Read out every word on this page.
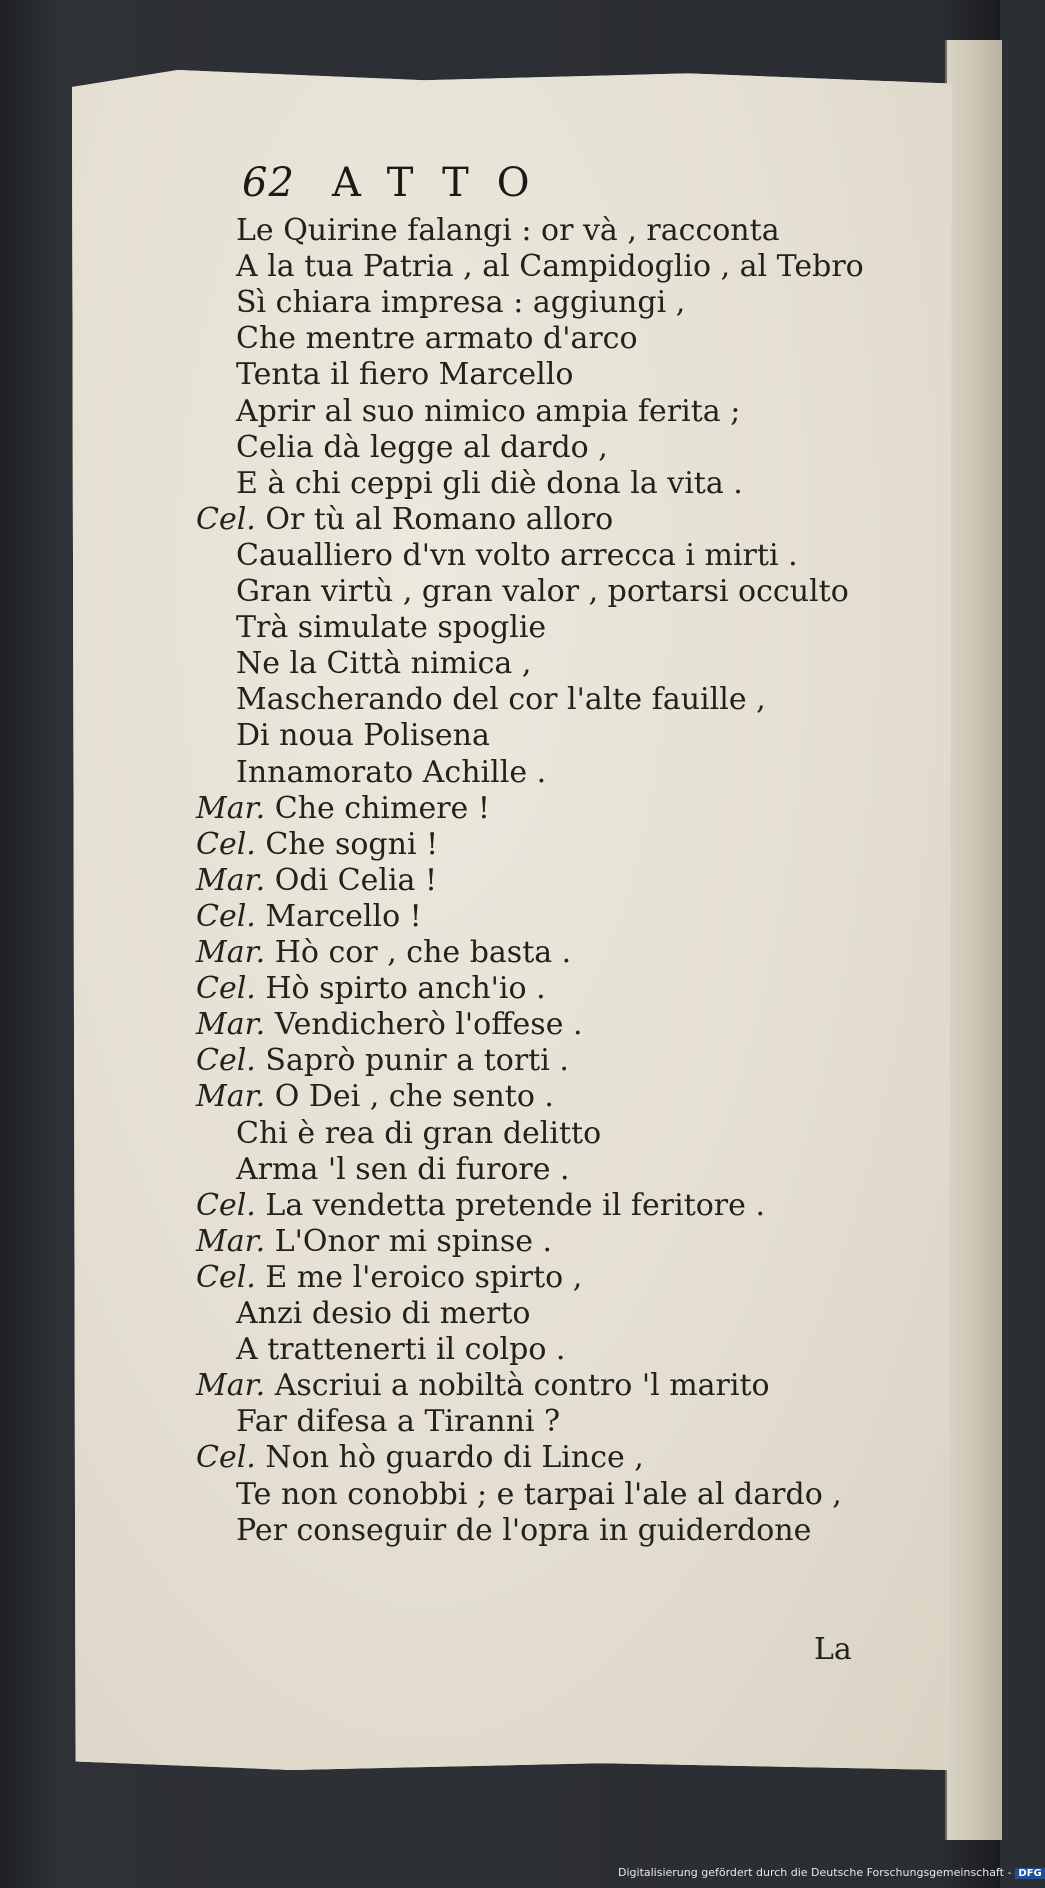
62 ATTO
Le Quirine falangi : or và , racconta
A la tua Patria , al Campidoglio , al Tebro
Sì chiara impresa : aggiungi ,
Che mentre armato d'arco
Tenta il fiero Marcello
Aprir al suo nimico ampia ferita ;
Celia dà legge al dardo ,
E à chi ceppi gli diè dona la vita .
Cel. Or tù al Romano alloro
Caualliero d'vn volto arrecca i mirti .
Gran virtù , gran valor , portarsi occulto
Trà simulate spoglie
Ne la Città nimica ,
Mascherando del cor l'alte fauille ,
Di noua Polisena
Innamorato Achille .
Mar. Che chimere !
Cel. Che sogni !
Mar. Odi Celia !
Cel. Marcello !
Mar. Hò cor , che basta .
Cel. Hò spirto anch'io .
Mar. Vendicherò l'offese .
Cel. Saprò punir a torti .
Mar. O Dei , che sento .
Chi è rea di gran delitto
Arma 'l sen di furore .
Cel. La vendetta pretende il feritore .
Mar. L'Onor mi spinse .
Cel. E me l'eroico spirto ,
Anzi desio di merto
A trattenerti il colpo .
Mar. Ascriui a nobiltà contro 'l marito
Far difesa a Tiranni ?
Cel. Non hò guardo di Lince ,
Te non conobbi ; e tarpai l'ale al dardo ,
Per conseguir de l'opra in guiderdone
La
Digitalisierung gefördert durch die Deutsche Forschungsgemeinschaft - DFG
